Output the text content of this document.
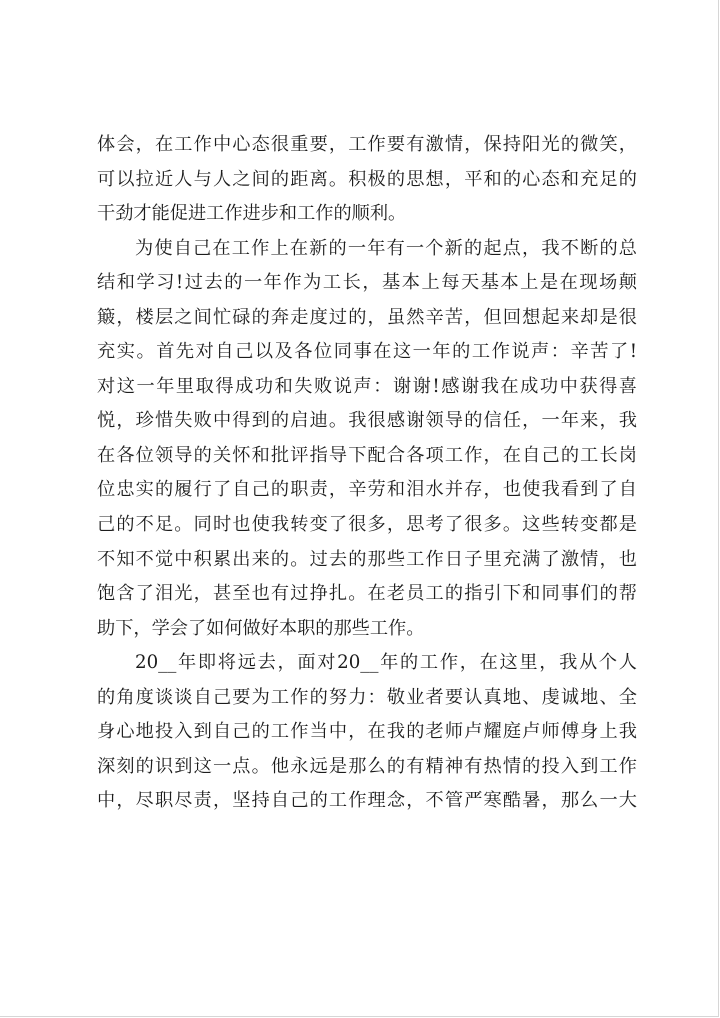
体会，在工作中心态很重要，工作要有激情，保持阳光的微笑，
可以拉近人与人之间的距离。积极的思想，平和的心态和充足的
干劲才能促进工作进步和工作的顺利。
为使自己在工作上在新的一年有一个新的起点，我不断的总
结和学习!过去的一年作为工长，基本上每天基本上是在现场颠
簸，楼层之间忙碌的奔走度过的，虽然辛苦，但回想起来却是很
充实。首先对自己以及各位同事在这一年的工作说声：辛苦了!
对这一年里取得成功和失败说声：谢谢!感谢我在成功中获得喜
悦，珍惜失败中得到的启迪。我很感谢领导的信任，一年来，我
在各位领导的关怀和批评指导下配合各项工作，在自己的工长岗
位忠实的履行了自己的职责，辛劳和泪水并存，也使我看到了自
己的不足。同时也使我转变了很多，思考了很多。这些转变都是
不知不觉中积累出来的。过去的那些工作日子里充满了激情，也
饱含了泪光，甚至也有过挣扎。在老员工的指引下和同事们的帮
助下，学会了如何做好本职的那些工作。
20__年即将远去，面对20__年的工作，在这里，我从个人
的角度谈谈自己要为工作的努力：敬业者要认真地、虔诚地、全
身心地投入到自己的工作当中，在我的老师卢耀庭卢师傅身上我
深刻的识到这一点。他永远是那么的有精神有热情的投入到工作
中，尽职尽责，坚持自己的工作理念，不管严寒酷暑，那么一大
